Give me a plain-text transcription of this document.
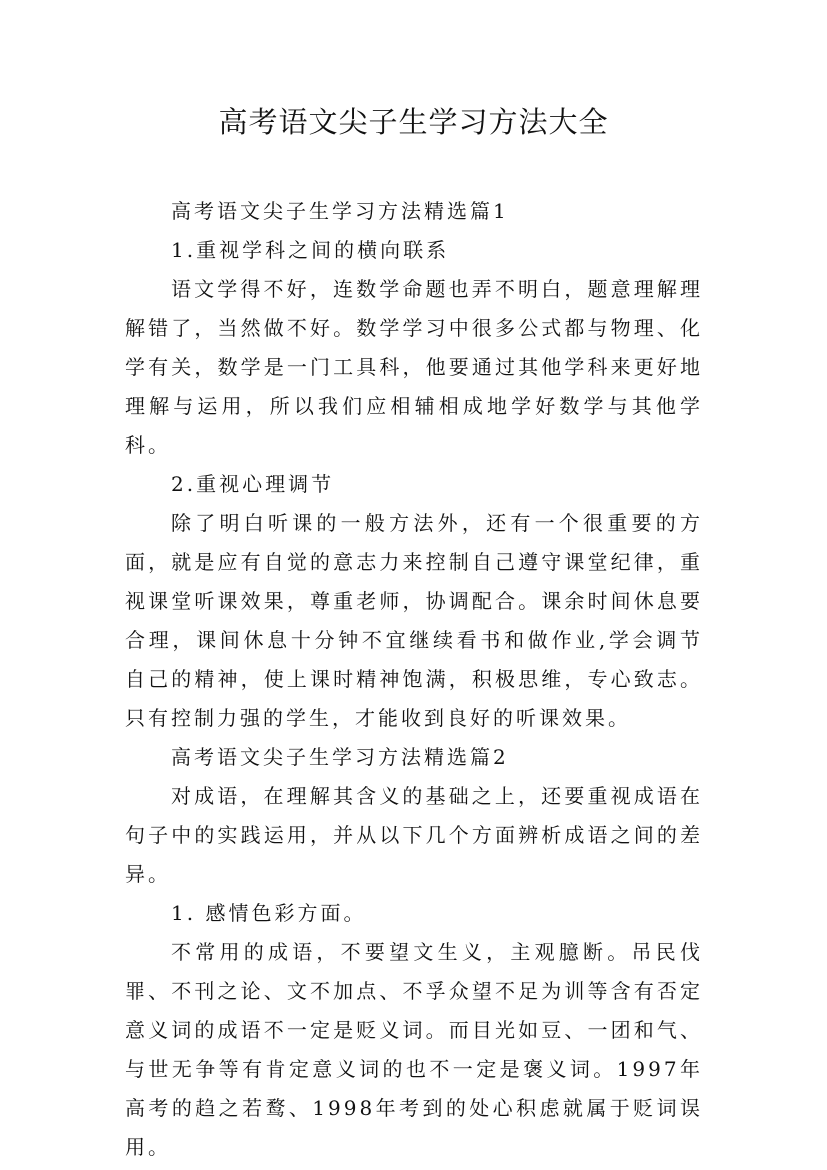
高考语文尖子生学习方法大全

高考语文尖子生学习方法精选篇1

1.重视学科之间的横向联系

语文学得不好，连数学命题也弄不明白，题意理解理解错了，当然做不好。数学学习中很多公式都与物理、化学有关，数学是一门工具科，他要通过其他学科来更好地理解与运用，所以我们应相辅相成地学好数学与其他学科。

2.重视心理调节

除了明白听课的一般方法外，还有一个很重要的方面，就是应有自觉的意志力来控制自己遵守课堂纪律，重视课堂听课效果，尊重老师，协调配合。课余时间休息要合理，课间休息十分钟不宜继续看书和做作业,学会调节自己的精神，使上课时精神饱满，积极思维，专心致志。只有控制力强的学生，才能收到良好的听课效果。

高考语文尖子生学习方法精选篇2

对成语，在理解其含义的基础之上，还要重视成语在句子中的实践运用，并从以下几个方面辨析成语之间的差异。

1. 感情色彩方面。

不常用的成语，不要望文生义，主观臆断。吊民伐罪、不刊之论、文不加点、不孚众望不足为训等含有否定意义词的成语不一定是贬义词。而目光如豆、一团和气、与世无争等有肯定意义词的也不一定是褒义词。1997年高考的趋之若鹜、1998年考到的处心积虑就属于贬词误用。
